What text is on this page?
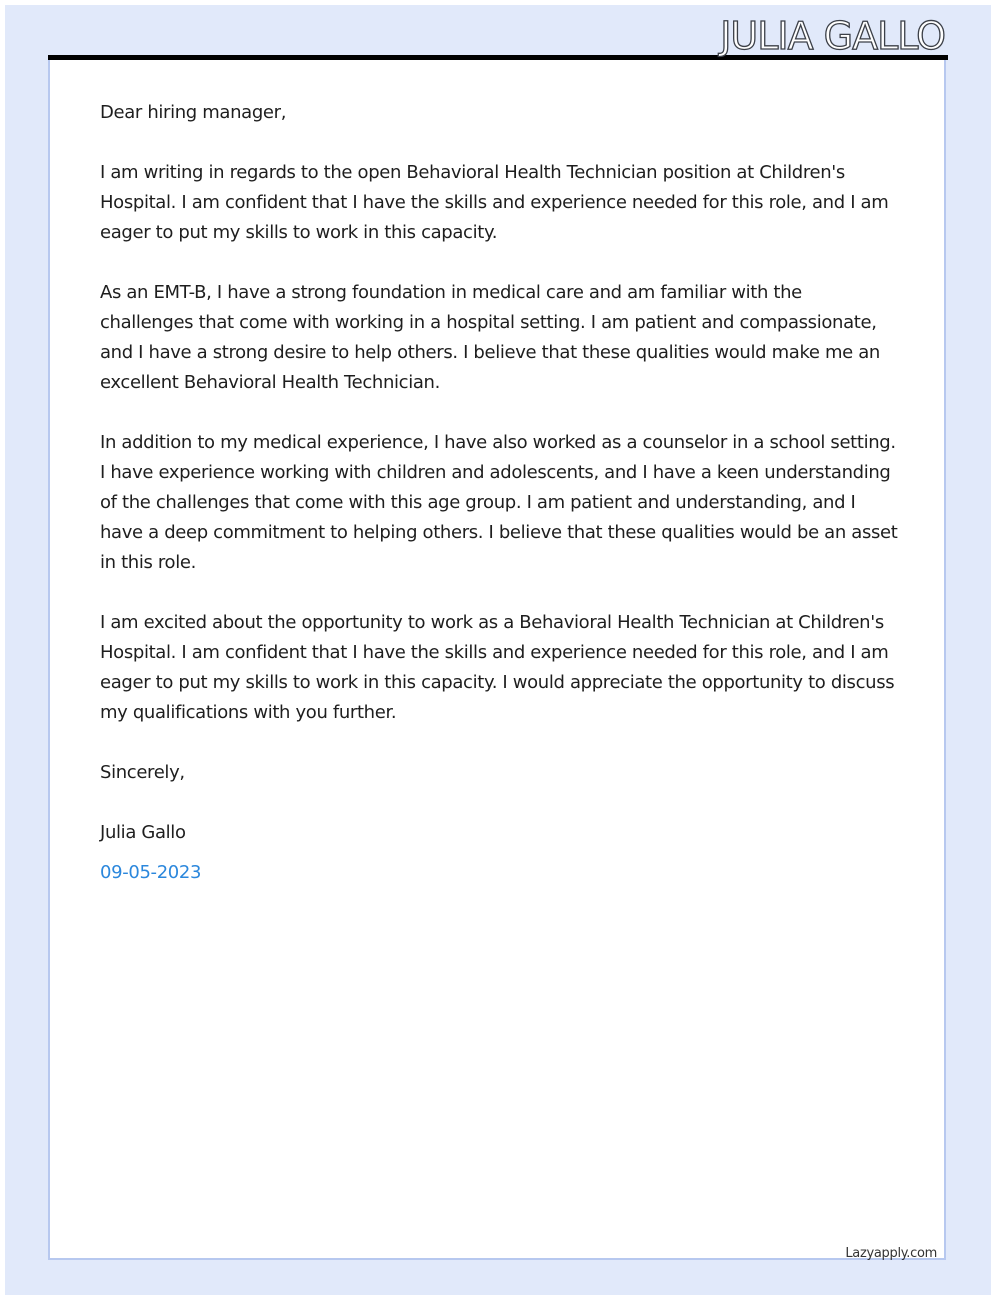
JULIA GALLO

Dear hiring manager,

I am writing in regards to the open Behavioral Health Technician position at Children's Hospital. I am confident that I have the skills and experience needed for this role, and I am eager to put my skills to work in this capacity.

As an EMT-B, I have a strong foundation in medical care and am familiar with the challenges that come with working in a hospital setting. I am patient and compassionate, and I have a strong desire to help others. I believe that these qualities would make me an excellent Behavioral Health Technician.

In addition to my medical experience, I have also worked as a counselor in a school setting. I have experience working with children and adolescents, and I have a keen understanding of the challenges that come with this age group. I am patient and understanding, and I have a deep commitment to helping others. I believe that these qualities would be an asset in this role.

I am excited about the opportunity to work as a Behavioral Health Technician at Children's Hospital. I am confident that I have the skills and experience needed for this role, and I am eager to put my skills to work in this capacity. I would appreciate the opportunity to discuss my qualifications with you further.

Sincerely,

Julia Gallo

09-05-2023

Lazyapply.com
